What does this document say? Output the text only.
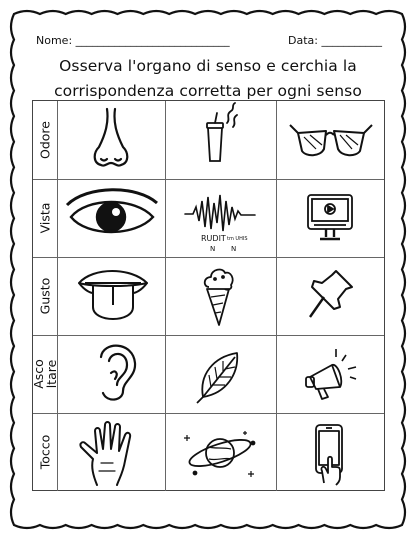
Nome: ____________________________	Data: ___________
Osserva l'organo di senso e cerchia la
corrispondenza corretta per ogni senso
Odore
Vista
RUDIT tm UHIS
N N
Gusto
Asco
ltare
Tocco
